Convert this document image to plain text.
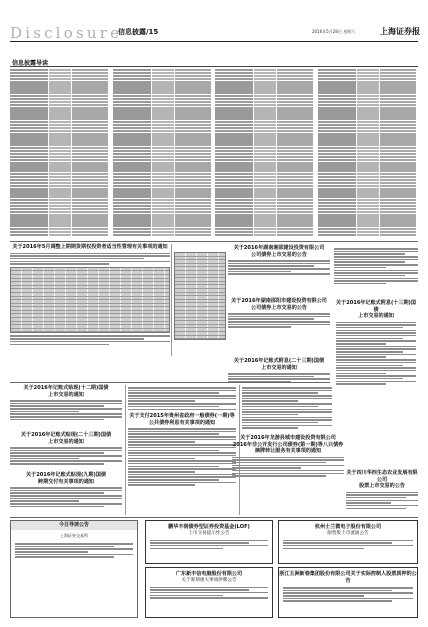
Disclosure
信息披露/15	2016年5月28日 星期六	上海证券报
信息披露导读
关于2016年5月调整上期期货期权投资者适当性管理有关事项的通知	关于2016年湖南湘邵建设投资有限公司
公司债券上市交易的公告
关于2016年湖南邵阳市建设投资有限公司
公司债券上市交易的公告
关于2016年记账式附息(二十三期)国债
上市交易的通知
关于2016年记账式附息(十三期)国债
上市交易的通知
关于2016年记账式贴现(十二期)国债
上市交易的通知
关于2016年记账式贴现(二十三期)国债
上市交易的通知
关于2016年记账式贴现(九期)国债
跨期交付有关事项的通知
关于支付2015年贵州省政府一般债券(一期)等公共债券利息有关事项的通知
关于2016年龙游县城市建设投资有限公司
2016年非公开发行公司债券(第一期)等八只债券
摘牌转让服务有关事项的通知
关于四川华西生态农业发展有限公司
股票上市交易的公告
今日导读公告
上海证券交易所
鹏华丰润债券型证券投资基金(LOF)
上市交易提示性公告
杭州士兰微电子股份有限公司
限售股上市流通公告
广东新丰信电脑股份有限公司
关于筹划重大事项停牌公告
浙江五洲新春集团股份有限公司关于实际控制人股票质押的公告
